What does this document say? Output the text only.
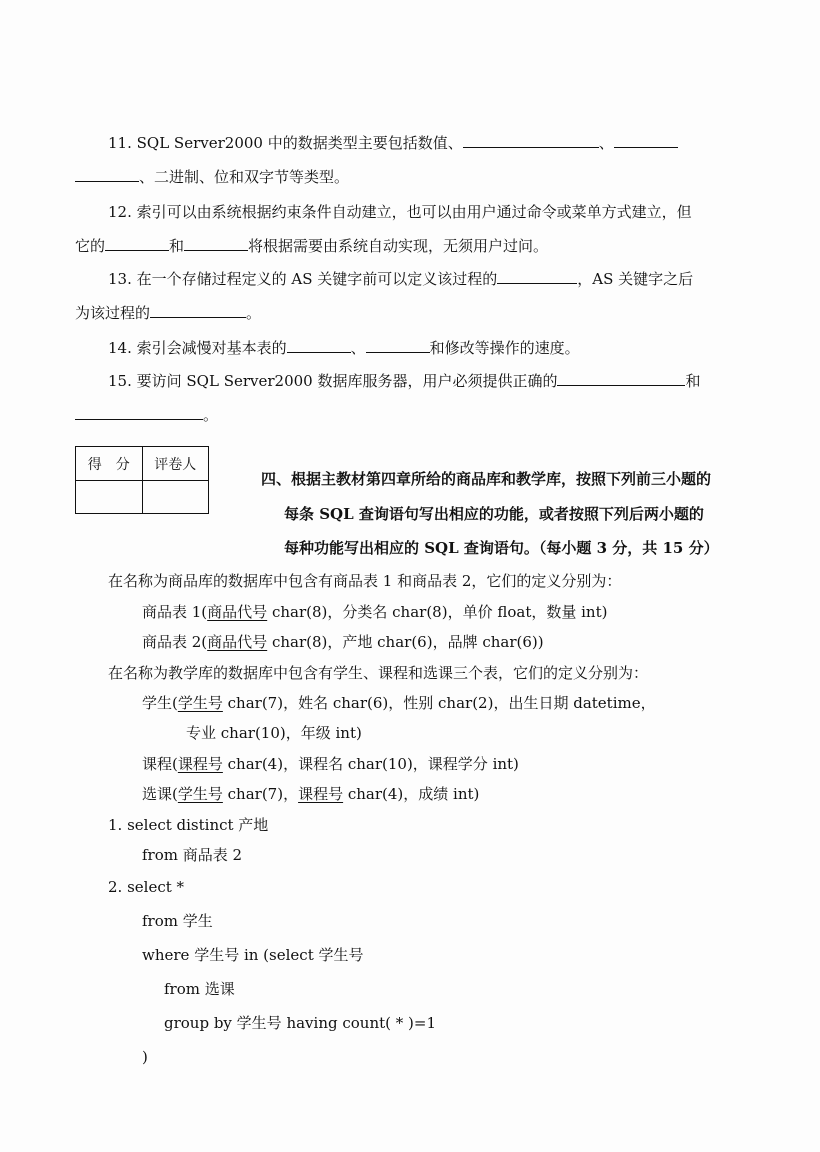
11. SQL Server2000 中的数据类型主要包括数值、	、
、二进制、位和双字节等类型。
12. 索引可以由系统根据约束条件自动建立，也可以由用户通过命令或菜单方式建立，但
它的	和	将根据需要由系统自动实现，无须用户过问。
13. 在一个存储过程定义的 AS 关键字前可以定义该过程的	，AS 关键字之后
为该过程的	。
14. 索引会减慢对基本表的	、	和修改等操作的速度。
15. 要访问 SQL Server2000 数据库服务器，用户必须提供正确的	和
。
得　分	评卷人

四、根据主教材第四章所给的商品库和教学库，按照下列前三小题的
每条 SQL 查询语句写出相应的功能，或者按照下列后两小题的
每种功能写出相应的 SQL 查询语句。（每小题 3 分，共 15 分）
在名称为商品库的数据库中包含有商品表 1 和商品表 2，它们的定义分别为：
商品表 1(商品代号 char(8)，分类名 char(8)，单价 float，数量 int)
商品表 2(商品代号 char(8)，产地 char(6)，品牌 char(6))
在名称为教学库的数据库中包含有学生、课程和选课三个表，它们的定义分别为：
学生(学生号 char(7)，姓名 char(6)，性别 char(2)，出生日期 datetime，
专业 char(10)，年级 int)
课程(课程号 char(4)，课程名 char(10)，课程学分 int)
选课(学生号 char(7)，课程号 char(4)，成绩 int)
1. select distinct 产地
from 商品表 2
2. select *
from 学生
where 学生号 in (select 学生号
from 选课
group by 学生号 having count( * )=1
)
